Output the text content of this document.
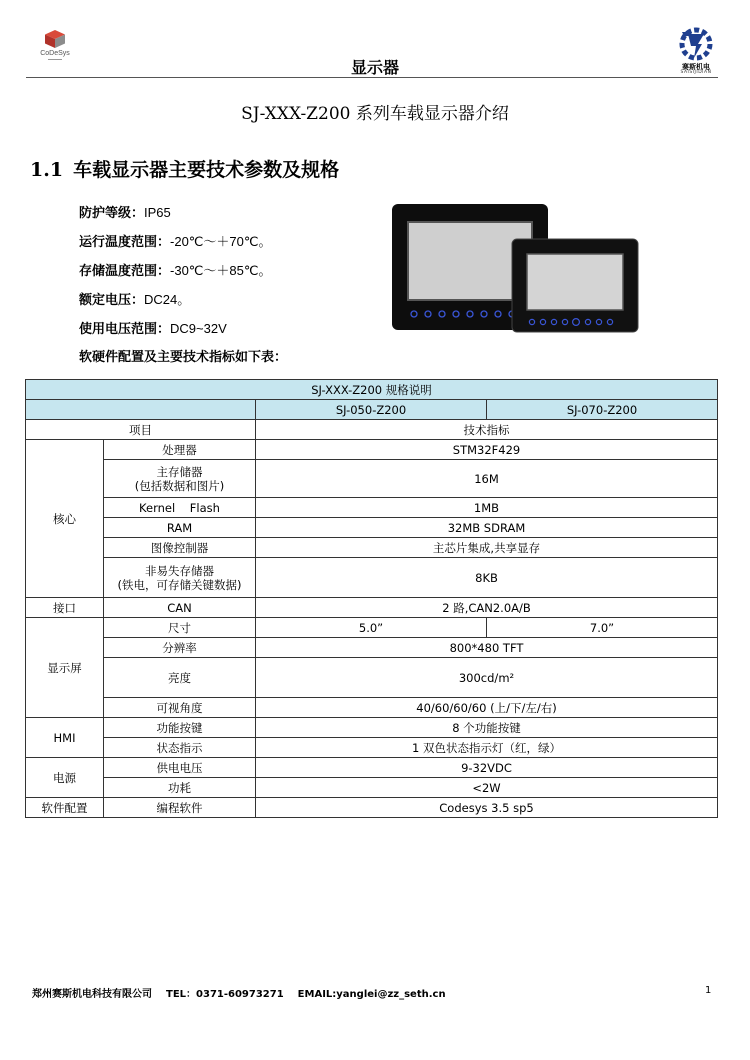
CoDeSys
显示器	赛斯机电
SAISIJIDIAN
SJ-XXX-Z200 系列车载显示器介绍
1.1 车载显示器主要技术参数及规格
防护等级：IP65
运行温度范围：-20℃～＋70℃。
存储温度范围：-30℃～＋85℃。
额定电压：DC24。
使用电压范围：DC9~32V
软硬件配置及主要技术指标如下表：
SJ-XXX-Z200 规格说明			
		SJ-050-Z200	SJ-070-Z200
项目		技术指标	
核心	处理器	STM32F429	

	主存储器
(包括数据和图片)	16M	
	Kernel    Flash	1MB	
	RAM	32MB SDRAM	
	图像控制器	主芯片集成,共享显存	

	非易失存储器
(铁电，可存储关键数据)	8KB	
接口	CAN	2 路,CAN2.0A/B	
显示屏	尺寸	5.0”	7.0”
	分辨率	800*480 TFT	
	亮度	300cd/m²	
	可视角度	40/60/60/60 (上/下/左/右)	
HMI	功能按键	8 个功能按键	
	状态指示	1 双色状态指示灯（红，绿）	
电源	供电电压	9-32VDC	
	功耗	<2W	
软件配置	编程软件	Codesys 3.5 sp5	
郑州赛斯机电科技有限公司 TEL：0371-60973271 EMAIL:yanglei@zz_seth.cn	1
